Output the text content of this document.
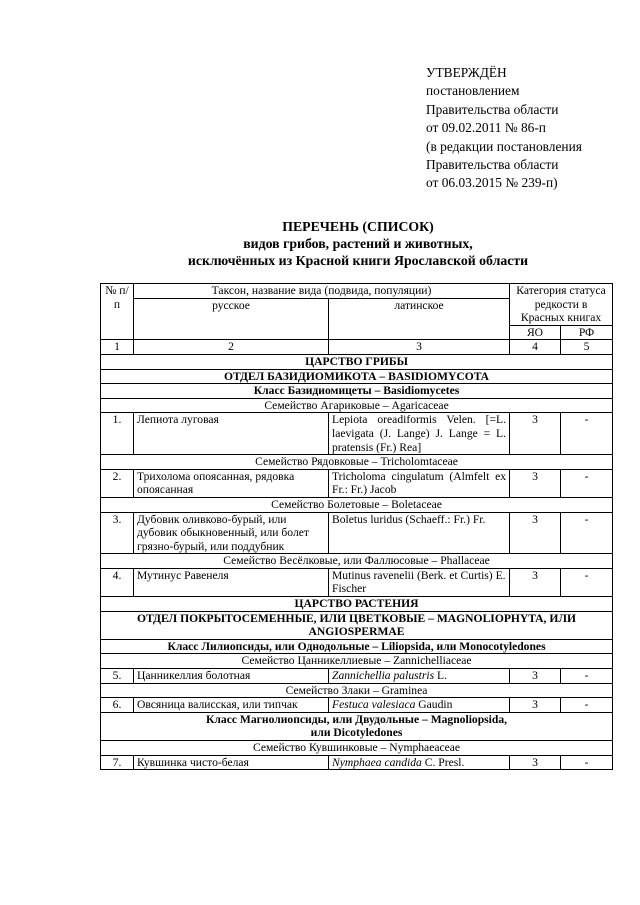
УТВЕРЖДЁН
постановлением
Правительства области
от 09.02.2011 № 86-п
(в редакции постановления
Правительства области
от 06.03.2015 № 239-п)
ПЕРЕЧЕНЬ (СПИСОК)
видов грибов, растений и животных,
исключённых из Красной книги Ярославской области
№ п/п	Таксон, название вида (подвида, популяции)		Категория статуса редкости в Красных книгах	
	русское	латинское		
			ЯО	РФ
1	2	3	4	5
ЦАРСТВО ГРИБЫ				
ОТДЕЛ БАЗИДИОМИКОТА – BASIDIOMYCOTA				
Класс Базидиомицеты – Basidiomycetes				
Семейство Агариковые – Agaricaceae				
1.	Лепиота луговая	Lepiota oreadiformis Velen. [=L. laevigata (J. Lange) J. Lange = L. pratensis (Fr.) Rea]	3	-
Семейство Рядовковые – Tricholomtaceae				
2.	Трихолома опоясанная, рядовка опоясанная	Tricholoma cingulatum (Almfelt ex Fr.: Fr.) Jacob	3	-
Семейство Болетовые – Boletaceae				
3.	Дубовик оливково-бурый, или дубовик обыкновенный, или болет грязно-бурый, или поддубник	Boletus luridus (Schaeff.: Fr.) Fr.	3	-
Семейство Весёлковые, или Фаллюсовые – Phallaceae				
4.	Мутинус Равенеля	Mutinus ravenelii (Berk. et Curtis) E. Fischer	3	-
ЦАРСТВО РАСТЕНИЯ				
ОТДЕЛ ПОКРЫТОСЕМЕННЫЕ, ИЛИ ЦВЕТКОВЫЕ – MAGNOLIOPHYTA, ИЛИ ANGIOSPERMAE				
Класс Лилиопсиды, или Однодольные – Liliopsida, или Monocotyledones				
Семейство Цанникеллиевые – Zannichelliaceae				
5.	Цанникеллия болотная	Zannichellia palustris L.	3	-
Семейство Злаки – Graminea				
6.	Овсяница валисская, или типчак	Festuca valesiaca Gaudin	3	-

Класс Магнолиопсиды, или Двудольные – Magnoliopsida,
или Dicotyledones				

Семейство Кувшинковые – Nymphaeaceae				
7.	Кувшинка чисто-белая	Nymphaea candida C. Presl.	3	-
